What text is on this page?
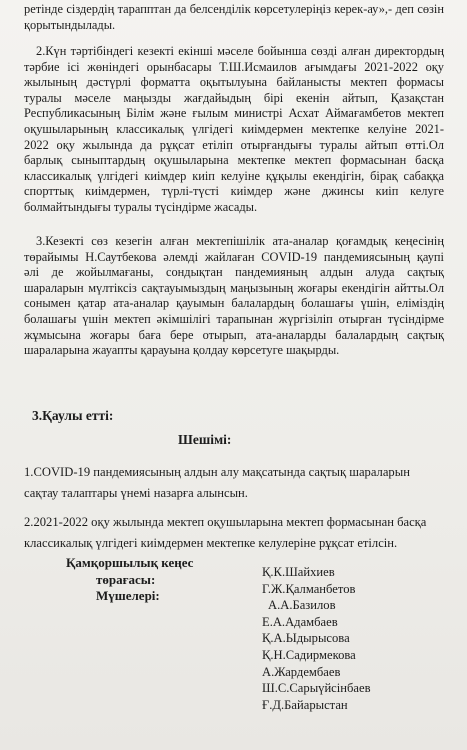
ретінде сіздердің тарапптан да белсенділік көрсетулеріңіз керек-ау»,- деп сөзін
қорытындылады.
2.Күн тәртібіндегі кезекті екінші мәселе бойынша сөзді алған директордың
тәрбие ісі жөніндегі орынбасары Т.Ш.Исмаилов ағымдағы 2021-2022 оқу
жылының дәстүрлі форматта оқытылуына байланысты мектеп формасы
туралы мәселе маңызды жағдайыдың бірі екенін айтып, Қазақстан
Республикасының Білім және ғылым министрі Асхат Аймағамбетов мектеп
оқушыларының классикалық үлгідегі киімдермен мектепке келуіне 2021-
2022 оқу жылында да рұқсат етіліп отырғандығы туралы айтып өтті.Ол
барлық сыныптардың оқушыларына мектепке мектеп формасынан басқа
классикалық үлгідегі киімдер киіп келуіне құқылы екендігін, бірақ сабаққа
спорттық киімдермен, түрлі-түсті киімдер және джинсы киіп келуге
болмайтындығы туралы түсіндірме жасады.
3.Кезекті сөз кезегін алған мектепішілік ата-аналар қоғамдық кеңесінің
төрайымы Н.Саутбекова әлемді жайлаған COVID-19 пандемиясының қаупі
әлі де жойылмағаны, сондықтан пандемияның алдын алуда сақтық
шараларын мүлтіксіз сақтауымыздың маңызының жоғары екендігін айтты.Ол
сонымен қатар ата-аналар қауымын балалардың болашағы үшін, еліміздің
болашағы үшін мектеп әкімшілігі тарапынан жүргізіліп отырған түсіндірме
жұмысына жоғары баға бере отырып, ата-аналарды балалардың сақтық
шараларына жауапты қарауына қолдау көрсетуге шақырды.
3.Қаулы етті:
Шешімі:
1.COVID-19 пандемиясының алдын алу мақсатында сақтық шараларын сақтау талаптары үнемі назарға алынсын.
2.2021-2022 оқу жылында мектеп оқушыларына мектеп формасынан басқа классикалық үлгідегі киімдермен мектепке келулеріне рұқсат етілсін.
Қамқоршылық кеңес
төрағасы:
Мүшелері:
Қ.К.Шайхиев
Г.Ж.Қалманбетов
А.А.Базилов
Е.А.Адамбаев
Қ.А.Ыдырысова
Қ.Н.Садирмекова
А.Жардембаев
Ш.С.Сарыүйсінбаев
Ғ.Д.Байарыстан
